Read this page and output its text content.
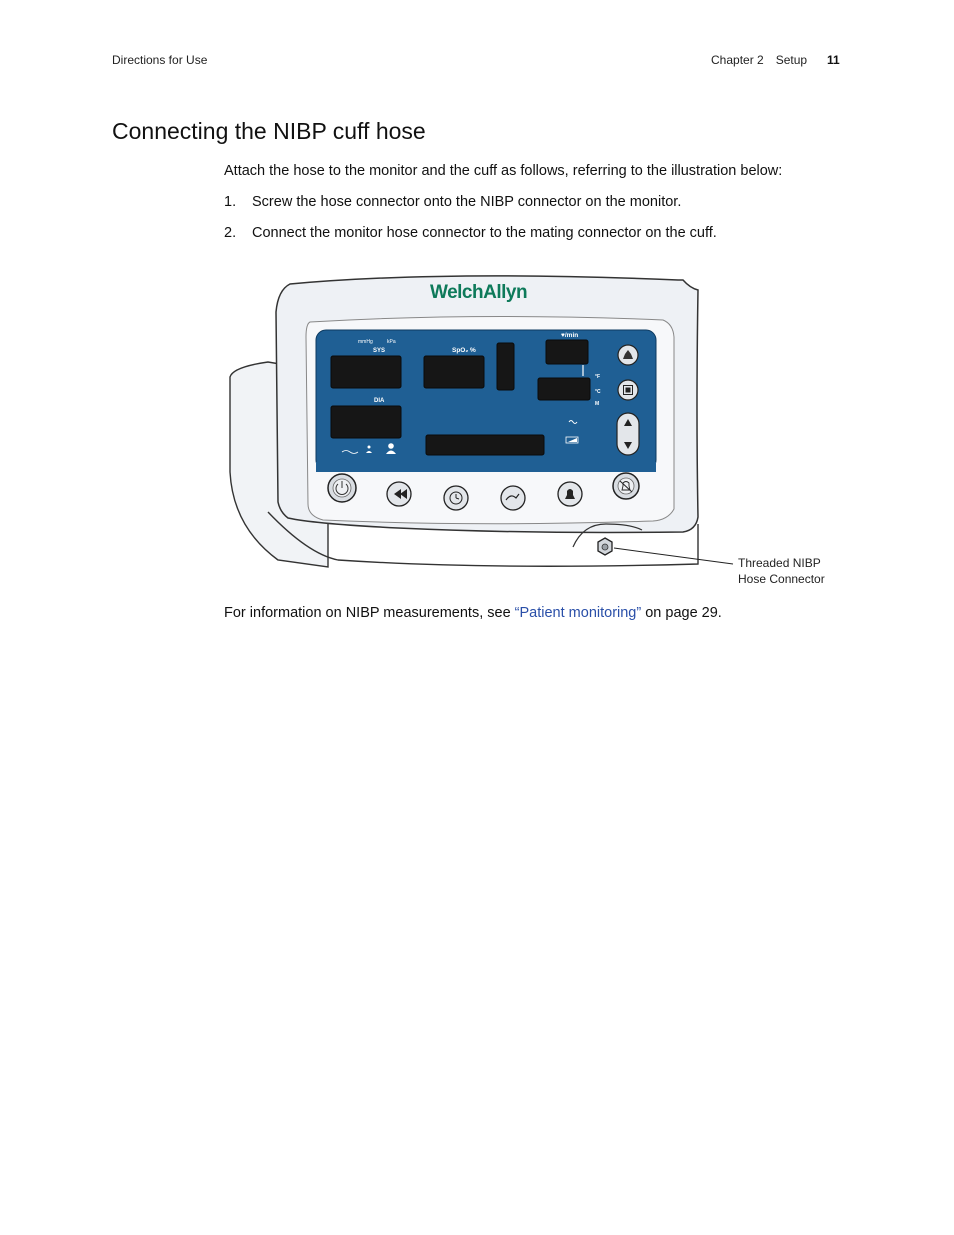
Directions for Use	Chapter 2 Setup 11
Connecting the NIBP cuff hose

Attach the hose to the monitor and the cuff as follows, referring to the illustration below:

1. Screw the hose connector onto the NIBP connector on the monitor.
2. Connect the monitor hose connector to the mating connector on the cuff.
WelchAllyn
mmHg	kPa
SYS
DIA
SpO₂ %
♥/min
°F
°C
M
Threaded NIBP
Hose Connector

For information on NIBP measurements, see “Patient monitoring” on page 29.
